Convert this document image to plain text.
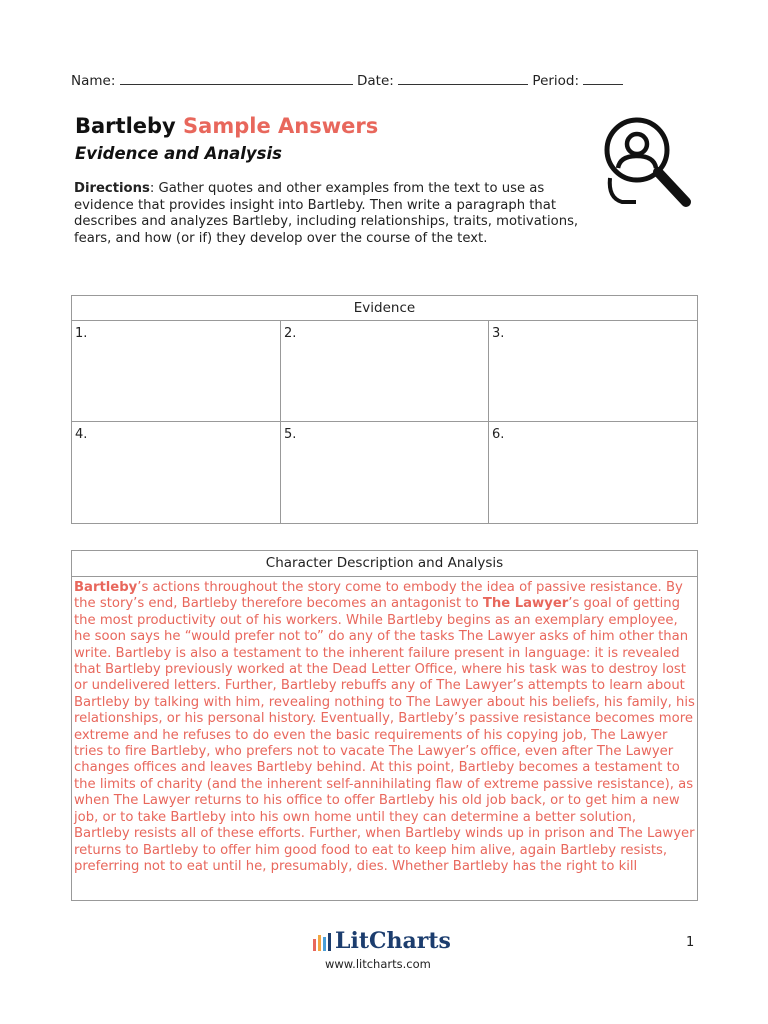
Name:	Date:	Period:
Bartleby Sample Answers
Evidence and Analysis
Directions: Gather quotes and other examples from the text to use as evidence that provides insight into Bartleby. Then write a paragraph that describes and analyzes Bartleby, including relationships, traits, motivations, fears, and how (or if) they develop over the course of the text.
Evidence
1.	2.	3.
4.	5.	6.
Character Description and Analysis
Bartleby’s actions throughout the story come to embody the idea of passive resistance. By the story’s end, Bartleby therefore becomes an antagonist to The Lawyer’s goal of getting the most productivity out of his workers. While Bartleby begins as an exemplary employee, he soon says he “would prefer not to” do any of the tasks The Lawyer asks of him other than write. Bartleby is also a testament to the inherent failure present in language: it is revealed that Bartleby previously worked at the Dead Letter Office, where his task was to destroy lost or undelivered letters. Further, Bartleby rebuffs any of The Lawyer’s attempts to learn about Bartleby by talking with him, revealing nothing to The Lawyer about his beliefs, his family, his relationships, or his personal history. Eventually, Bartleby’s passive resistance becomes more extreme and he refuses to do even the basic requirements of his copying job, The Lawyer tries to fire Bartleby, who prefers not to vacate The Lawyer’s office, even after The Lawyer changes offices and leaves Bartleby behind. At this point, Bartleby becomes a testament to the limits of charity (and the inherent self-annihilating flaw of extreme passive resistance), as when The Lawyer returns to his office to offer Bartleby his old job back, or to get him a new job, or to take Bartleby into his own home until they can determine a better solution, Bartleby resists all of these efforts. Further, when Bartleby winds up in prison and The Lawyer returns to Bartleby to offer him good food to eat to keep him alive, again Bartleby resists, preferring not to eat until he, presumably, dies. Whether Bartleby has the right to kill
LitCharts
www.litcharts.com
1
